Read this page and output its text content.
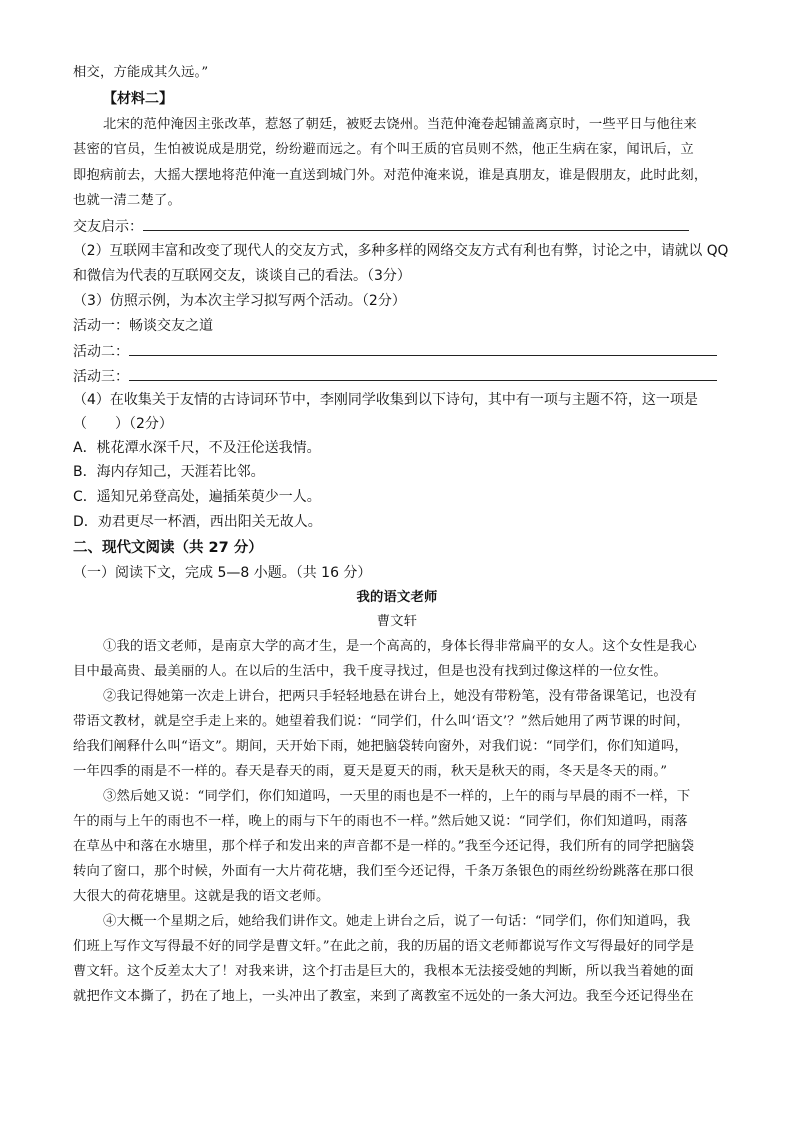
相交，方能成其久远。”
【材料二】
北宋的范仲淹因主张改革，惹怒了朝廷，被贬去饶州。当范仲淹卷起铺盖离京时，一些平日与他往来
甚密的官员，生怕被说成是朋党，纷纷避而远之。有个叫王质的官员则不然，他正生病在家，闻讯后，立
即抱病前去，大摇大摆地将范仲淹一直送到城门外。对范仲淹来说，谁是真朋友，谁是假朋友，此时此刻，
也就一清二楚了。
交友启示：
（2）互联网丰富和改变了现代人的交友方式，多种多样的网络交友方式有利也有弊，讨论之中，请就以 QQ
和微信为代表的互联网交友，谈谈自己的看法。（3分）
（3）仿照示例，为本次主学习拟写两个活动。（2分）
活动一：畅谈交友之道
活动二：
活动三：
（4）在收集关于友情的古诗词环节中，李刚同学收集到以下诗句，其中有一项与主题不符，这一项是
（　　）（2分）
A．桃花潭水深千尺，不及汪伦送我情。
B．海内存知己，天涯若比邻。
C．遥知兄弟登高处，遍插茱萸少一人。
D．劝君更尽一杯酒，西出阳关无故人。
二、现代文阅读（共 27 分）
（一）阅读下文，完成 5—8 小题。（共 16 分）
我的语文老师
曹文轩
①我的语文老师，是南京大学的高才生，是一个高高的，身体长得非常扁平的女人。这个女性是我心
目中最高贵、最美丽的人。在以后的生活中，我千度寻找过，但是也没有找到过像这样的一位女性。
②我记得她第一次走上讲台，把两只手轻轻地悬在讲台上，她没有带粉笔，没有带备课笔记，也没有
带语文教材，就是空手走上来的。她望着我们说：“同学们，什么叫‘语文’？”然后她用了两节课的时间，
给我们阐释什么叫“语文”。期间，天开始下雨，她把脑袋转向窗外，对我们说：“同学们，你们知道吗，
一年四季的雨是不一样的。春天是春天的雨，夏天是夏天的雨，秋天是秋天的雨，冬天是冬天的雨。”
③然后她又说：“同学们，你们知道吗，一天里的雨也是不一样的，上午的雨与早晨的雨不一样，下
午的雨与上午的雨也不一样，晚上的雨与下午的雨也不一样。”然后她又说：“同学们，你们知道吗，雨落
在草丛中和落在水塘里，那个样子和发出来的声音都不是一样的。”我至今还记得，我们所有的同学把脑袋
转向了窗口，那个时候，外面有一大片荷花塘，我们至今还记得，千条万条银色的雨丝纷纷跳落在那口很
大很大的荷花塘里。这就是我的语文老师。
④大概一个星期之后，她给我们讲作文。她走上讲台之后，说了一句话：“同学们，你们知道吗，我
们班上写作文写得最不好的同学是曹文轩。”在此之前，我的历届的语文老师都说写作文写得最好的同学是
曹文轩。这个反差太大了！对我来讲，这个打击是巨大的，我根本无法接受她的判断，所以我当着她的面
就把作文本撕了，扔在了地上，一头冲出了教室，来到了离教室不远处的一条大河边。我至今还记得坐在
